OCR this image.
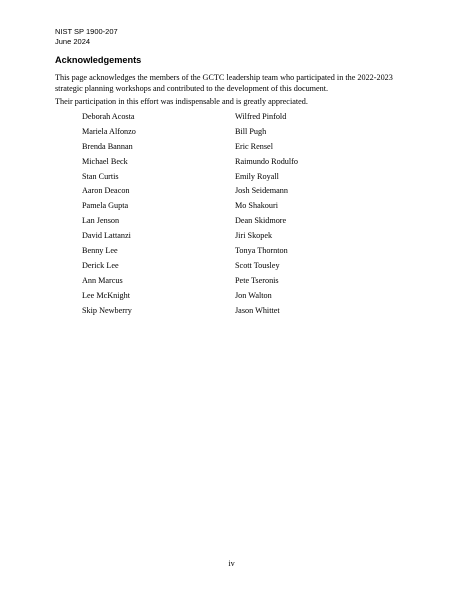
NIST SP 1900-207
June 2024
Acknowledgements
This page acknowledges the members of the GCTC leadership team who participated in the 2022-2023
strategic planning workshops and contributed to the development of this document.
Their participation in this effort was indispensable and is greatly appreciated.
Deborah Acosta
Mariela Alfonzo
Brenda Bannan
Michael Beck
Stan Curtis
Aaron Deacon
Pamela Gupta
Lan Jenson
David Lattanzi
Benny Lee
Derick Lee
Ann Marcus
Lee McKnight
Skip Newberry
Wilfred Pinfold
Bill Pugh
Eric Rensel
Raimundo Rodulfo
Emily Royall
Josh Seidemann
Mo Shakouri
Dean Skidmore
Jiri Skopek
Tonya Thornton
Scott Tousley
Pete Tseronis
Jon Walton
Jason Whittet
iv
